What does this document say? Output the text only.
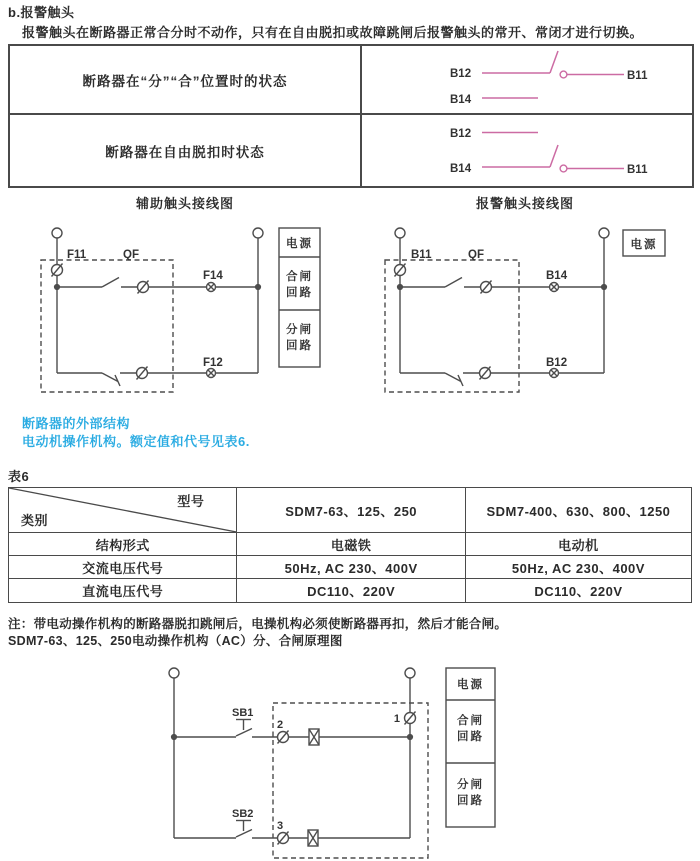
b.报警触头
报警触头在断路器正常合分时不动作，只有在自由脱扣或故障跳闸后报警触头的常开、常闭才进行切换。
断路器在“分”“合”位置时的状态	B12 B11
B14

断路器在自由脱扣时状态	B12
B14 B11
辅助触头接线图	报警触头接线图
F11	QF
F14
F12
电源
合闸
回路
分闸
回路
B11	QF
B14
B12
电源
断路器的外部结构
电动机操作机构。额定值和代号见表6.
表6
型号
类别	SDM7-63、125、250	SDM7-400、630、800、1250
结构形式	电磁铁	电动机
交流电压代号	50Hz, AC 230、400V	50Hz, AC 230、400V
直流电压代号	DC110、220V	DC110、220V
注：带电动操作机构的断路器脱扣跳闸后，电操机构必须使断路器再扣，然后才能合闸。
SDM7-63、125、250电动操作机构（AC）分、合闸原理图
SB1
SB2
1
2
3
电源
合闸
回路
分闸
回路
